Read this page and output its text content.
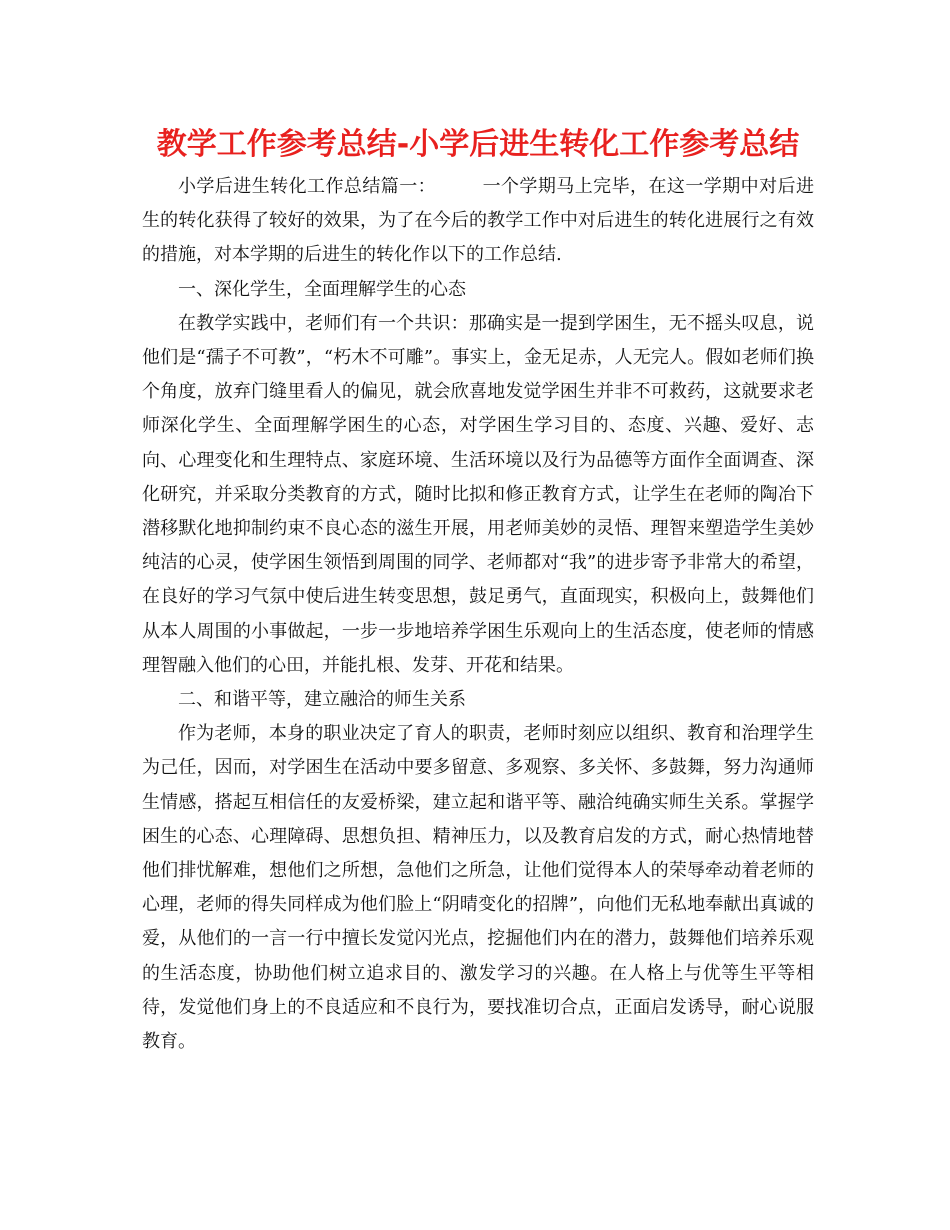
教学工作参考总结-小学后进生转化工作参考总结

小学后进生转化工作总结篇一：	一个学期马上完毕，在这一学期中对后进生的转化获得了较好的效果，为了在今后的教学工作中对后进生的转化进展行之有效的措施，对本学期的后进生的转化作以下的工作总结.

一、深化学生，全面理解学生的心态

在教学实践中，老师们有一个共识：那确实是一提到学困生，无不摇头叹息，说他们是“孺子不可教”，“朽木不可雕”。事实上，金无足赤，人无完人。假如老师们换个角度，放弃门缝里看人的偏见，就会欣喜地发觉学困生并非不可救药，这就要求老师深化学生、全面理解学困生的心态，对学困生学习目的、态度、兴趣、爱好、志向、心理变化和生理特点、家庭环境、生活环境以及行为品德等方面作全面调查、深化研究，并采取分类教育的方式，随时比拟和修正教育方式，让学生在老师的陶冶下潜移默化地抑制约束不良心态的滋生开展，用老师美妙的灵悟、理智来塑造学生美妙纯洁的心灵，使学困生领悟到周围的同学、老师都对“我”的进步寄予非常大的希望，在良好的学习气氛中使后进生转变思想，鼓足勇气，直面现实，积极向上，鼓舞他们从本人周围的小事做起，一步一步地培养学困生乐观向上的生活态度，使老师的情感理智融入他们的心田，并能扎根、发芽、开花和结果。

二、和谐平等，建立融洽的师生关系

作为老师，本身的职业决定了育人的职责，老师时刻应以组织、教育和治理学生为己任，因而，对学困生在活动中要多留意、多观察、多关怀、多鼓舞，努力沟通师生情感，搭起互相信任的友爱桥梁，建立起和谐平等、融洽纯确实师生关系。掌握学困生的心态、心理障碍、思想负担、精神压力，以及教育启发的方式，耐心热情地替他们排忧解难，想他们之所想，急他们之所急，让他们觉得本人的荣辱牵动着老师的心理，老师的得失同样成为他们脸上“阴晴变化的招牌”，向他们无私地奉献出真诚的爱，从他们的一言一行中擅长发觉闪光点，挖掘他们内在的潜力，鼓舞他们培养乐观的生活态度，协助他们树立追求目的、激发学习的兴趣。在人格上与优等生平等相待，发觉他们身上的不良适应和不良行为，要找准切合点，正面启发诱导，耐心说服教育。
